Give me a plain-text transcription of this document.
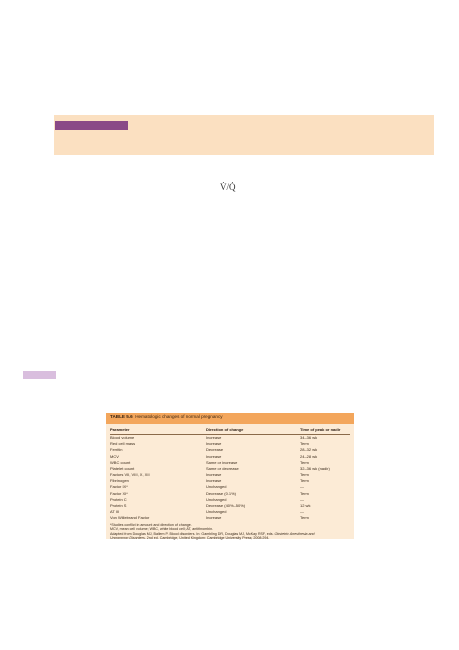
V̇/Q̇
TABLE 5.6 Hematologic changes of normal pregnancy
Parameter	Direction of change	Time of peak or nadir
Blood volume	Increase	34–36 wk
Red cell mass	Increase	Term
Ferritin	Decrease	28–32 wk
MCV	Increase	24–28 wk
WBC count	Same or increase	Term
Platelet count	Same or decrease	32–36 wk (nadir)
Factors VII, VIII, X, XII	Increase	Term
Fibrinogen	Increase	Term
Factor IX*	Unchanged	—
Factor XI*	Decrease (0.1%)	Term
Protein C	Unchanged	—
Protein S	Decrease (40%–50%)	12 wk
AT III	Unchanged	—
Von Willebrand Factor	Increase	Term
*Studies conflict in amount and direction of change.
MCV, mean cell volume; WBC, white blood cell; AT, antithrombin.
Adapted from Douglas MJ, Ballem P. Blood disorders. In: Gambling DR, Douglas MJ, McKay RSF, eds. Obstetric Anesthesia and
Uncommon Disorders. 2nd ed. Cambridge, United Kingdom: Cambridge University Press; 2008:294.
